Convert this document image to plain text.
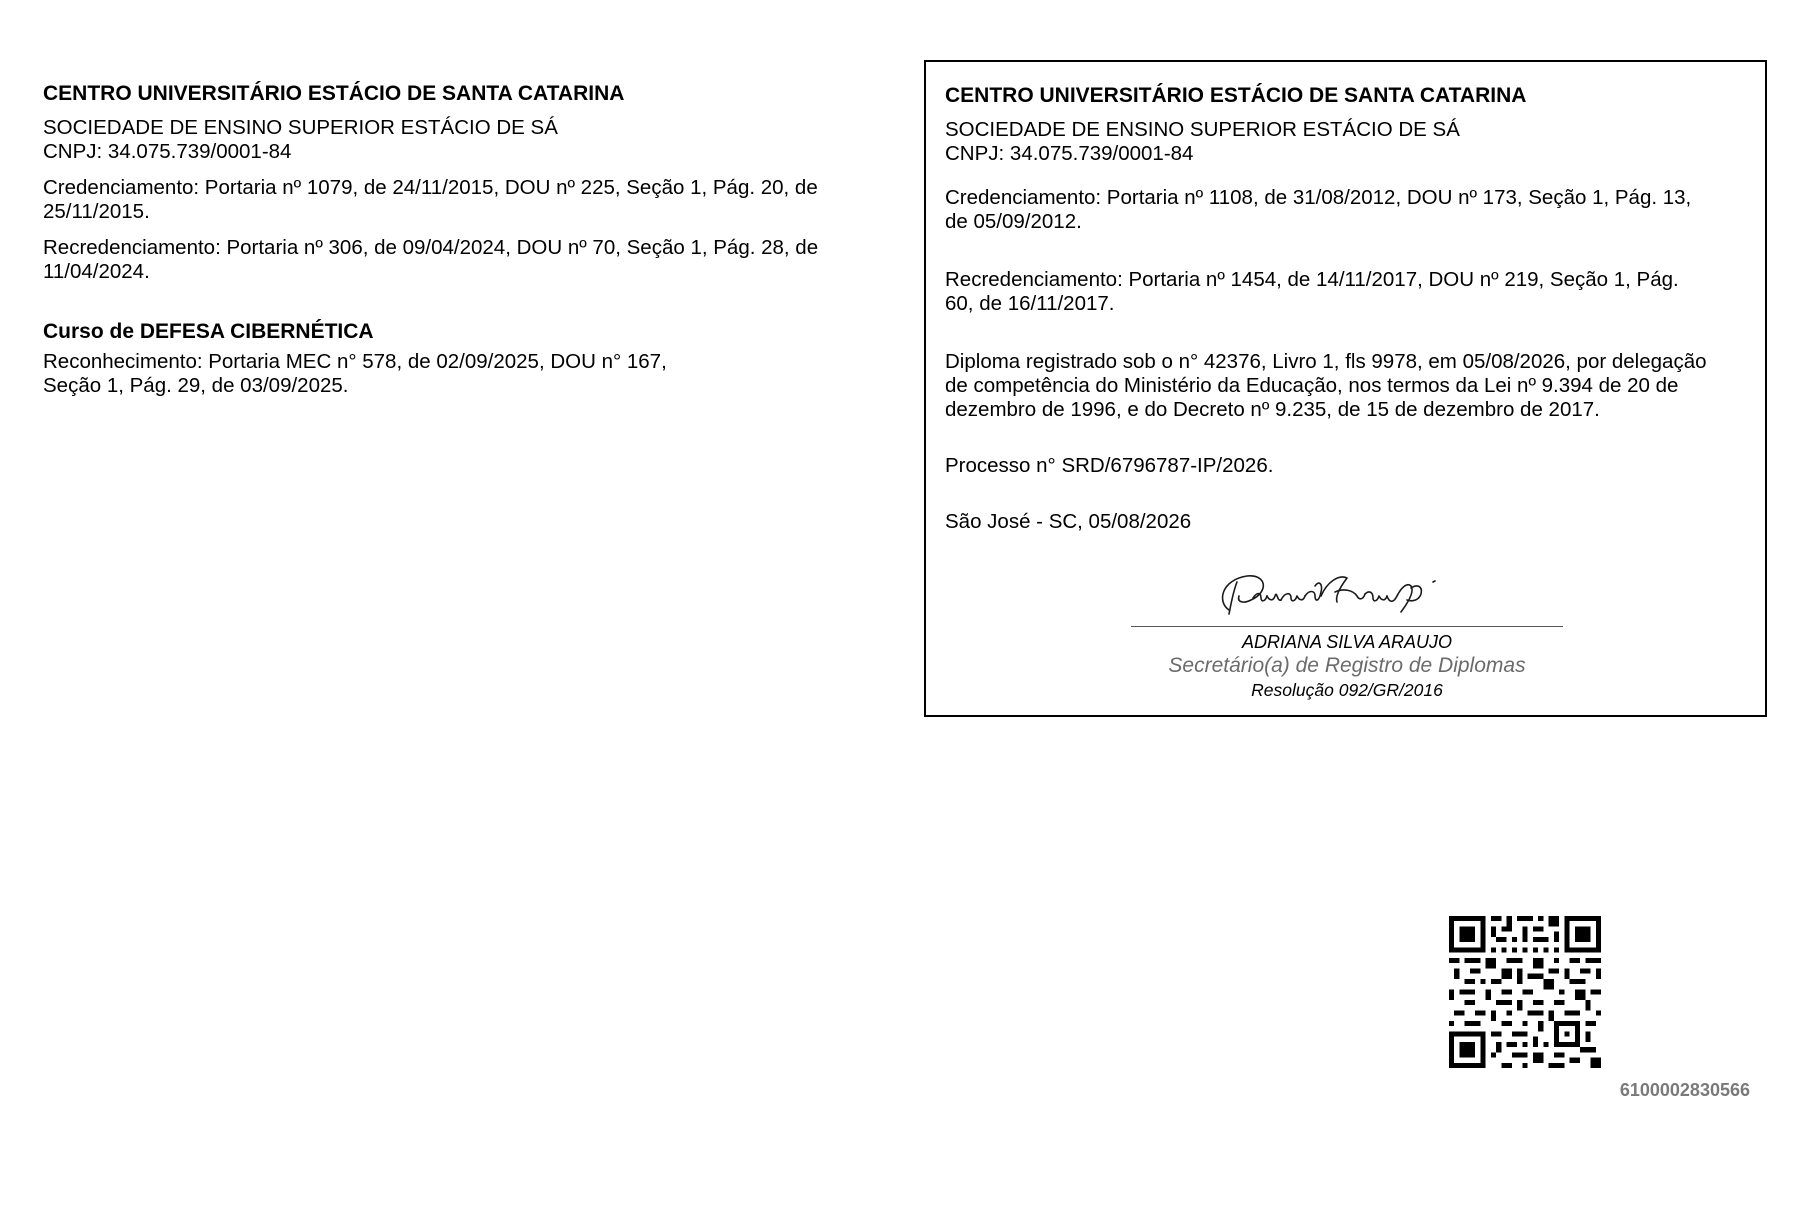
CENTRO UNIVERSITÁRIO ESTÁCIO DE SANTA CATARINA
SOCIEDADE DE ENSINO SUPERIOR ESTÁCIO DE SÁ
CNPJ: 34.075.739/0001-84
Credenciamento: Portaria nº 1079, de 24/11/2015, DOU nº 225, Seção 1, Pág. 20, de
25/11/2015.
Recredenciamento: Portaria nº 306, de 09/04/2024, DOU nº 70, Seção 1, Pág. 28, de
11/04/2024.
Curso de DEFESA CIBERNÉTICA
Reconhecimento: Portaria MEC n° 578, de 02/09/2025, DOU n° 167,
Seção 1, Pág. 29, de 03/09/2025.
CENTRO UNIVERSITÁRIO ESTÁCIO DE SANTA CATARINA
SOCIEDADE DE ENSINO SUPERIOR ESTÁCIO DE SÁ
CNPJ: 34.075.739/0001-84
Credenciamento: Portaria nº 1108, de 31/08/2012, DOU nº 173, Seção 1, Pág. 13,
de 05/09/2012.
Recredenciamento: Portaria nº 1454, de 14/11/2017, DOU nº 219, Seção 1, Pág.
60, de 16/11/2017.
Diploma registrado sob o n° 42376, Livro 1, fls 9978, em 05/08/2026, por delegação
de competência do Ministério da Educação, nos termos da Lei nº 9.394 de 20 de
dezembro de 1996, e do Decreto nº 9.235, de 15 de dezembro de 2017.
Processo n° SRD/6796787-IP/2026.
São José - SC, 05/08/2026
ADRIANA SILVA ARAUJO
Secretário(a) de Registro de Diplomas
Resolução 092/GR/2016
6100002830566
